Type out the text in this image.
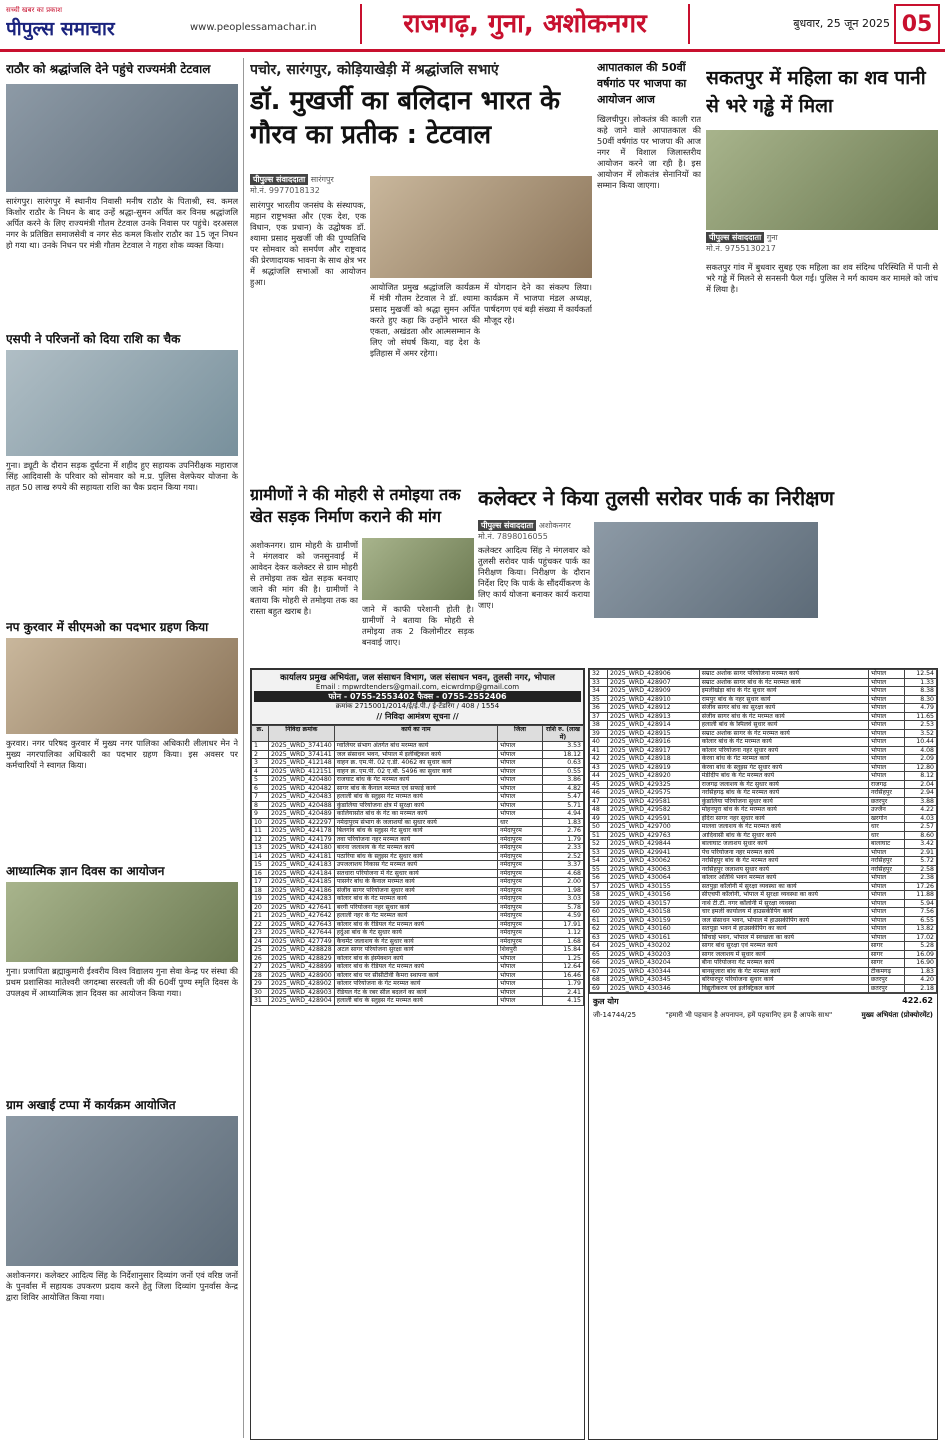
सच्ची खबर का प्रकाश
पीपुल्स समाचार	www.peoplessamachar.in	राजगढ़, गुना, अशोकनगर	बुधवार, 25 जून 2025 05
राठौर को श्रद्धांजलि देने पहुंचे राज्यमंत्री टेटवाल
सारंगपुर। सारंगपुर में स्थानीय निवासी मनीष राठौर के पिताश्री, स्व. कमल किशोर राठौर के निधन के बाद उन्हें श्रद्धा-सुमन अर्पित कर विनम्र श्रद्धांजलि अर्पित करने के लिए राज्यमंत्री गौतम टेटवाल उनके निवास पर पहुंचे। दरअसल नगर के प्रतिष्ठित समाजसेवी व नगर सेठ कमल किशोर राठौर का 15 जून निधन हो गया था। उनके निधन पर मंत्री गौतम टेटवाल ने गहरा शोक व्यक्त किया।
एसपी ने परिजनों को दिया राशि का चैक
गुना। ड्यूटी के दौरान सड़क दुर्घटना में शहीद हुए सहायक उपनिरीक्षक महाराज सिंह आदिवासी के परिवार को सोमवार को म.प्र. पुलिस वेलफेयर योजना के तहत 50 लाख रुपये की सहायता राशि का चैक प्रदान किया गया।
नप कुरवार में सीएमओ का पदभार ग्रहण किया
कुरवार। नगर परिषद कुरवार में मुख्य नगर पालिका अधिकारी लीलाधर मेन ने मुख्य नगरपालिका अधिकारी का पदभार ग्रहण किया। इस अवसर पर कर्मचारियों ने स्वागत किया।
आध्यात्मिक ज्ञान दिवस का आयोजन
गुना। प्रजापिता ब्रह्माकुमारी ईश्वरीय विश्व विद्यालय गुना सेवा केन्द्र पर संस्था की प्रथम प्रशासिका मातेश्वरी जगदम्बा सरस्वती जी की 60वीं पुण्य स्मृति दिवस के उपलक्ष्य में आध्यात्मिक ज्ञान दिवस का आयोजन किया गया।
ग्राम अखाई टप्पा में कार्यक्रम आयोजित
अशोकनगर। कलेक्टर आदित्य सिंह के निर्देशानुसार दिव्यांग जनों एवं वरिष्ठ जनों के पुनर्वास में सहायक उपकरण प्रदाय करने हेतु जिला दिव्यांग पुनर्वास केन्द्र द्वारा शिविर आयोजित किया गया।
पचोर, सारंगपुर, कोड़ियाखेड़ी में श्रद्धांजलि सभाएं
डॉ. मुखर्जी का बलिदान भारत के गौरव का प्रतीक : टेटवाल
पीपुल्स संवाददाता सारंगपुर
मो.नं. 9977018132
सारंगपुर भारतीय जनसंघ के संस्थापक, महान राष्ट्रभक्त और (एक देश, एक विधान, एक प्रधान) के उद्घोषक डॉ. श्यामा प्रसाद मुखर्जी जी की पुण्यतिथि पर सोमवार को समर्पण और राष्ट्रवाद की प्रेरणादायक भावना के साथ क्षेत्र भर में श्रद्धांजलि सभाओं का आयोजन हुआ।	आयोजित प्रमुख श्रद्धांजलि कार्यक्रम में मंत्री गौतम टेटवाल ने डॉ. श्यामा प्रसाद मुखर्जी को श्रद्धा सुमन अर्पित करते हुए कहा कि उन्होंने भारत की एकता, अखंडता और आत्मसम्मान के लिए जो संघर्ष किया, वह देश के इतिहास में अमर रहेगा।
में योगदान देने का संकल्प लिया। कार्यक्रम में भाजपा मंडल अध्यक्ष, पार्षदगण एवं बड़ी संख्या में कार्यकर्ता मौजूद रहे।
ग्रामीणों ने की मोहरी से तमोइया तक खेत सड़क निर्माण कराने की मांग
अशोकनगर। ग्राम मोहरी के ग्रामीणों ने मंगलवार को जनसुनवाई में आवेदन देकर कलेक्टर से ग्राम मोहरी से तमोइया तक खेत सड़क बनवाए जाने की मांग की है। ग्रामीणों ने बताया कि मोहरी से तमोइया तक का रास्ता बहुत खराब है।	जाने में काफी परेशानी होती है। ग्रामीणों ने बताया कि मोहरी से तमोइया तक 2 किलोमीटर सड़क बनवाई जाए।
आपातकाल की 50वीं वर्षगांठ पर भाजपा का आयोजन आज
खिलचीपुर। लोकतंत्र की काली रात कहे जाने वाले आपातकाल की 50वीं वर्षगांठ पर भाजपा की आज नगर में विशाल जिलास्तरीय आयोजन करने जा रही है। इस आयोजन में लोकतंत्र सेनानियों का सम्मान किया जाएगा।
सकतपुर में महिला का शव पानी से भरे गड्ढे में मिला
पीपुल्स संवाददाता गुना
मो.नं. 9755130217
सकतपुर गांव में बुधवार सुबह एक महिला का शव संदिग्ध परिस्थिति में पानी से भरे गड्ढे में मिलने से सनसनी फैल गई। पुलिस ने मर्ग कायम कर मामले को जांच में लिया है।
कलेक्टर ने किया तुलसी सरोवर पार्क का निरीक्षण
पीपुल्स संवाददाता अशोकनगर
मो.नं. 7898016055
कलेक्टर आदित्य सिंह ने मंगलवार को तुलसी सरोवर पार्क पहुंचकर पार्क का निरीक्षण किया। निरीक्षण के दौरान निर्देश दिए कि पार्क के सौंदर्यीकरण के लिए कार्य योजना बनाकर कार्य कराया जाए।
कार्यालय प्रमुख अभियंता, जल संसाधन विभाग, जल संसाधन भवन, तुलसी नगर, भोपाल
Email : mpwrdtenders@gmail.com, eicwrdmp@gmail.com
फोन - 0755-2553402 फैक्स - 0755-2552406
क्रमांक 2715001/2014/ई/ई.पी./ ई-टेंडरिंग / 408 / 1554
// निविदा आमंत्रण सूचना //
क्र.	निविदा क्रमांक	कार्य का नाम	जिला	राशि रु. (लाख में)
1	2025_WRD_374140	ग्वालियर संभाग अंतर्गत बांध मरम्मत कार्य	भोपाल	3.53
2	2025_WRD_374141	जल संसाधन भवन, भोपाल में इलेक्ट्रिकल कार्य	भोपाल	18.12
3	2025_WRD_412148	वाहन क्र. एम.पी. 02 ए.डी. 4062 का सुधार कार्य	भोपाल	0.63
4	2025_WRD_412151	वाहन क्र. एम.पी. 02 ए.बी. 5496 का सुधार कार्य	भोपाल	0.55
5	2025_WRD_420480	राजघाट बांध के गेट मरम्मत कार्य	भोपाल	3.86
6	2025_WRD_420482	सागर बांध के कैनाल मरम्मत एवं सफाई कार्य	भोपाल	4.82
7	2025_WRD_420483	हलाली बांध के स्लुइस गेट मरम्मत कार्य	भोपाल	5.47
8	2025_WRD_420488	कुंडालिया परियोजना क्षेत्र में सुरक्षा कार्य	भोपाल	5.71
9	2025_WRD_420489	कालियासोत बांध के गेट का मरम्मत कार्य	भोपाल	4.94
10	2025_WRD_422297	नर्मदापुरम संभाग के जलाशयों का सुधार कार्य	धार	1.83
11	2025_WRD_424178	बिलगांव बांध के स्लुइस गेट सुधार कार्य	नर्मदापुरम	2.76
12	2025_WRD_424179	तवा परियोजना नहर मरम्मत कार्य	नर्मदापुरम	1.79
13	2025_WRD_424180	बारना जलाशय के गेट मरम्मत कार्य	नर्मदापुरम	2.33
14	2025_WRD_424181	पठारिया बांध के स्लुइस गेट सुधार कार्य	नर्मदापुरम	2.52
15	2025_WRD_424183	उपजलाशय निकास गेट मरम्मत कार्य	नर्मदापुरम	3.37
16	2025_WRD_424184	सतधारा परियोजना में गेट सुधार कार्य	नर्मदापुरम	4.68
17	2025_WRD_424185	पासनेर बांध के कैनाल मरम्मत कार्य	नर्मदापुरम	2.00
18	2025_WRD_424186	संजीव सागर परियोजना सुधार कार्य	नर्मदापुरम	1.98
19	2025_WRD_424283	कोलार बांध के गेट मरम्मत कार्य	नर्मदापुरम	3.03
20	2025_WRD_427641	बरगी परियोजना नहर सुधार कार्य	नर्मदापुरम	5.78
21	2025_WRD_427642	हलाली नहर के गेट मरम्मत कार्य	नर्मदापुरम	4.59
22	2025_WRD_427643	कोलार बांध के रेडियल गेट मरम्मत कार्य	नर्मदापुरम	17.91
23	2025_WRD_427644	हर्दुआ बांध के गेट सुधार कार्य	नर्मदापुरम	1.12
24	2025_WRD_427749	कैचमेंट जलाशय के गेट सुधार कार्य	नर्मदापुरम	1.68
25	2025_WRD_428828	अटल सागर परियोजना सुरक्षा कार्य	शिवपुरी	15.84
26	2025_WRD_428829	कोलार बांध के इंस्पेक्शन कार्य	भोपाल	1.25
27	2025_WRD_428899	कोलार बांध के रेडियल गेट मरम्मत कार्य	भोपाल	12.64
28	2025_WRD_428900	कोलार बांध पर सीसीटीवी कैमरा स्थापना कार्य	भोपाल	16.46
29	2025_WRD_428902	कोलार परियोजना के गेट मरम्मत कार्य	भोपाल	1.79
30	2025_WRD_428903	रेडियल गेट के रबर सील बदलने का कार्य	भोपाल	2.41
31	2025_WRD_428904	हलाली बांध के स्लुइस गेट मरम्मत कार्य	भोपाल	4.15
32	2025_WRD_428906	सम्राट अशोक सागर परियोजना मरम्मत कार्य	भोपाल	12.54
33	2025_WRD_428907	सम्राट अशोक सागर बांध के गेट मरम्मत कार्य	भोपाल	1.33
34	2025_WRD_428909	इमलीखेड़ा बांध के गेट सुधार कार्य	भोपाल	8.38
35	2025_WRD_428910	रामपुर बांध के नहर सुधार कार्य	भोपाल	8.30
36	2025_WRD_428912	संजीव सागर बांध का सुरक्षा कार्य	भोपाल	4.79
37	2025_WRD_428913	संजीव सागर बांध के गेट मरम्मत कार्य	भोपाल	11.65
38	2025_WRD_428914	हलाली बांध के स्पिलवे सुधार कार्य	भोपाल	2.53
39	2025_WRD_428915	सम्राट अशोक सागर के गेट मरम्मत कार्य	भोपाल	3.52
40	2025_WRD_428916	कोलार बांध के गेट मरम्मत कार्य	भोपाल	10.44
41	2025_WRD_428917	कोलार परियोजना नहर सुधार कार्य	भोपाल	4.08
42	2025_WRD_428918	केरवा बांध के गेट मरम्मत कार्य	भोपाल	2.09
43	2025_WRD_428919	केरवा बांध के स्लुइस गेट सुधार कार्य	भोपाल	12.80
44	2025_WRD_428920	मंडीदीप बांध के गेट मरम्मत कार्य	भोपाल	8.12
45	2025_WRD_429325	राजगढ़ जलाशय के गेट सुधार कार्य	राजगढ़	2.04
46	2025_WRD_429575	नरसिंहगढ़ बांध के गेट मरम्मत कार्य	नरसिंहपुर	2.94
47	2025_WRD_429581	कुंडालिया परियोजना सुधार कार्य	छतरपुर	3.88
48	2025_WRD_429582	मोहनपुरा बांध के गेट मरम्मत कार्य	उज्जैन	4.22
49	2025_WRD_429591	इंदिरा सागर नहर सुधार कार्य	खरगोन	4.03
50	2025_WRD_429700	मालवा जलाशय के गेट मरम्मत कार्य	धार	2.57
51	2025_WRD_429763	आदिवासी बांध के गेट सुधार कार्य	धार	8.60
52	2025_WRD_429844	बालाघाट जलाशय सुधार कार्य	बालाघाट	3.42
53	2025_WRD_429941	पेंच परियोजना नहर मरम्मत कार्य	भोपाल	2.91
54	2025_WRD_430062	नरसिंहपुर बांध के गेट मरम्मत कार्य	नरसिंहपुर	5.72
55	2025_WRD_430063	नरसिंहपुर जलाशय सुधार कार्य	नरसिंहपुर	2.58
56	2025_WRD_430064	कोलार अतिथि भवन मरम्मत कार्य	भोपाल	2.38
57	2025_WRD_430155	सतपुड़ा कॉलोनी में सुरक्षा व्यवस्था का कार्य	भोपाल	17.26
58	2025_WRD_430156	सीएचपी कॉलोनी, भोपाल में सुरक्षा व्यवस्था का कार्य	भोपाल	11.88
59	2025_WRD_430157	नार्थ टी.टी. नगर कॉलोनी में सुरक्षा व्यवस्था	भोपाल	5.94
60	2025_WRD_430158	चार इमली कार्यालय में हाउसकीपिंग कार्य	भोपाल	7.56
61	2025_WRD_430159	जल संसाधन भवन, भोपाल में हाउसकीपिंग कार्य	भोपाल	6.55
62	2025_WRD_430160	सतपुड़ा भवन में हाउसकीपिंग का कार्य	भोपाल	13.82
63	2025_WRD_430161	सिंचाई भवन, भोपाल में स्वच्छता का कार्य	भोपाल	17.02
64	2025_WRD_430202	सागर बांध सुरक्षा एवं मरम्मत कार्य	सागर	5.28
65	2025_WRD_430203	सागर जलाशय में सुधार कार्य	सागर	16.09
66	2025_WRD_430204	बीना परियोजना गेट मरम्मत कार्य	सागर	16.90
67	2025_WRD_430344	बानसुजारा बांध के गेट मरम्मत कार्य	टीकमगढ़	1.83
68	2025_WRD_430345	बरियारपुर परियोजना सुधार कार्य	छतरपुर	4.20
69	2025_WRD_430346	विद्युतीकरण एवं इलेक्ट्रिकल कार्य	छतरपुर	2.18
कुल योग	422.62
जी-14744/25	"हमारी भी पहचान है अपनापन, हमें पहचानिए हम हैं आपके साथ"	मुख्य अभियंता (प्रोक्योरमेंट)
